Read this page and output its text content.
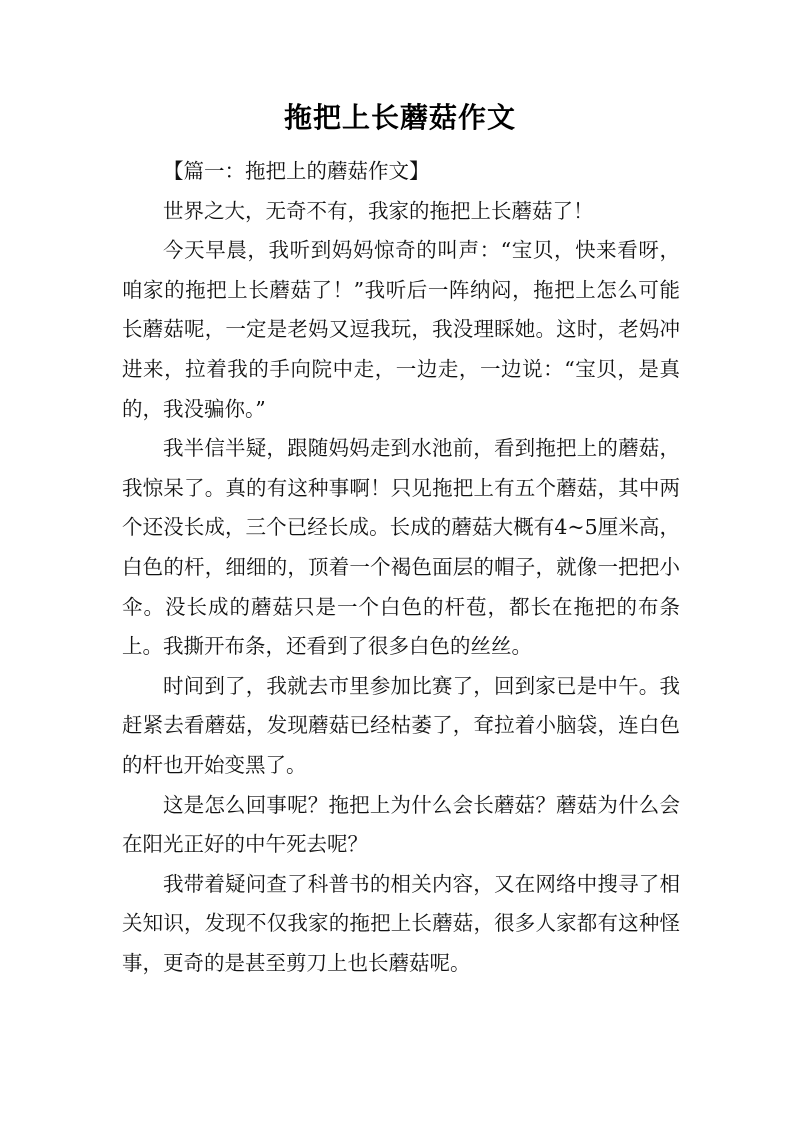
拖把上长蘑菇作文

【篇一：拖把上的蘑菇作文】

世界之大，无奇不有，我家的拖把上长蘑菇了！

今天早晨，我听到妈妈惊奇的叫声：“宝贝，快来看呀，咱家的拖把上长蘑菇了！”我听后一阵纳闷，拖把上怎么可能长蘑菇呢，一定是老妈又逗我玩，我没理睬她。这时，老妈冲进来，拉着我的手向院中走，一边走，一边说：“宝贝，是真的，我没骗你。”

我半信半疑，跟随妈妈走到水池前，看到拖把上的蘑菇，我惊呆了。真的有这种事啊！只见拖把上有五个蘑菇，其中两个还没长成，三个已经长成。长成的蘑菇大概有4~5厘米高，白色的杆，细细的，顶着一个褐色面层的帽子，就像一把把小伞。没长成的蘑菇只是一个白色的杆苞，都长在拖把的布条上。我撕开布条，还看到了很多白色的丝丝。

时间到了，我就去市里参加比赛了，回到家已是中午。我赶紧去看蘑菇，发现蘑菇已经枯萎了，耷拉着小脑袋，连白色的杆也开始变黑了。

这是怎么回事呢？拖把上为什么会长蘑菇？蘑菇为什么会在阳光正好的中午死去呢？

我带着疑问查了科普书的相关内容，又在网络中搜寻了相关知识，发现不仅我家的拖把上长蘑菇，很多人家都有这种怪事，更奇的是甚至剪刀上也长蘑菇呢。
